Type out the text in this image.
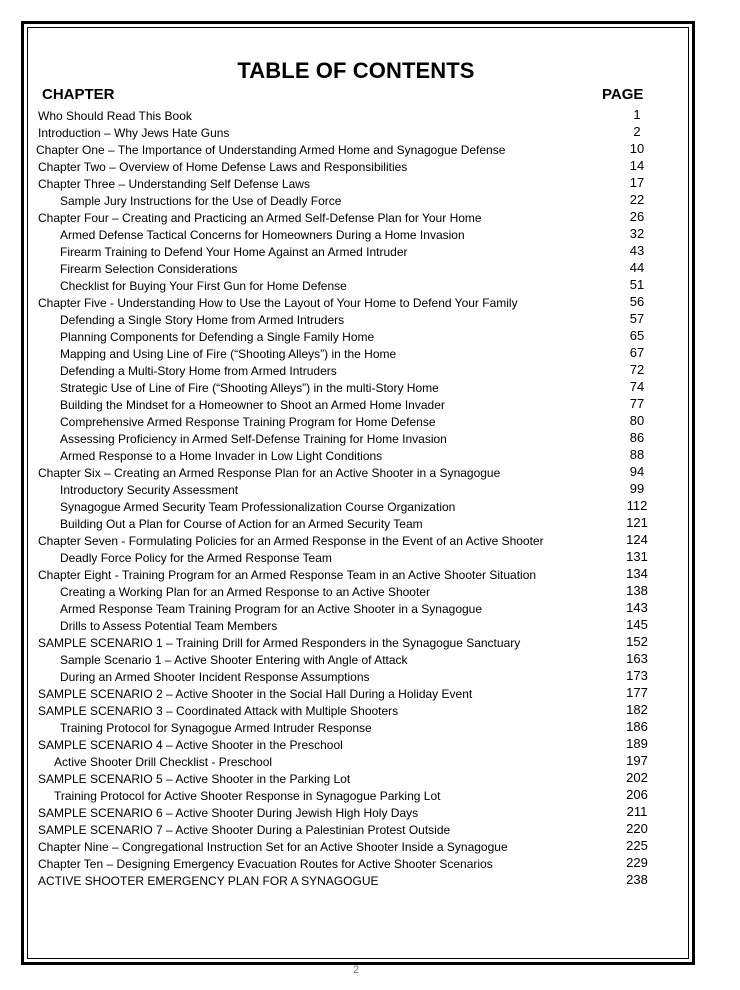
TABLE OF CONTENTS
CHAPTER	PAGE
Who Should Read This Book	1
Introduction – Why Jews Hate Guns	2
Chapter One – The Importance of Understanding Armed Home and Synagogue Defense	10
Chapter Two – Overview of Home Defense Laws and Responsibilities	14
Chapter Three – Understanding Self Defense Laws	17
Sample Jury Instructions for the Use of Deadly Force	22
Chapter Four – Creating and Practicing an Armed Self-Defense Plan for Your Home	26
Armed Defense Tactical Concerns for Homeowners During a Home Invasion	32
Firearm Training to Defend Your Home Against an Armed Intruder	43
Firearm Selection Considerations	44
Checklist for Buying Your First Gun for Home Defense	51
Chapter Five - Understanding How to Use the Layout of Your Home to Defend Your Family	56
Defending a Single Story Home from Armed Intruders	57
Planning Components for Defending a Single Family Home	65
Mapping and Using Line of Fire (“Shooting Alleys”) in the Home	67
Defending a Multi-Story Home from Armed Intruders	72
Strategic Use of Line of Fire (“Shooting Alleys”) in the multi-Story Home	74
Building the Mindset for a Homeowner to Shoot an Armed Home Invader	77
Comprehensive Armed Response Training Program for Home Defense	80
Assessing Proficiency in Armed Self-Defense Training for Home Invasion	86
Armed Response to a Home Invader in Low Light Conditions	88
Chapter Six – Creating an Armed Response Plan for an Active Shooter in a Synagogue	94
Introductory Security Assessment	99
Synagogue Armed Security Team Professionalization Course Organization	112
Building Out a Plan for Course of Action for an Armed Security Team	121
Chapter Seven - Formulating Policies for an Armed Response in the Event of an Active Shooter	124
Deadly Force Policy for the Armed Response Team	131
Chapter Eight - Training Program for an Armed Response Team in an Active Shooter Situation	134
Creating a Working Plan for an Armed Response to an Active Shooter	138
Armed Response Team Training Program for an Active Shooter in a Synagogue	143
Drills to Assess Potential Team Members	145
SAMPLE SCENARIO 1 – Training Drill for Armed Responders in the Synagogue Sanctuary	152
Sample Scenario 1 – Active Shooter Entering with Angle of Attack	163
During an Armed Shooter Incident Response Assumptions	173
SAMPLE SCENARIO 2 – Active Shooter in the Social Hall During a Holiday Event	177
SAMPLE SCENARIO 3 – Coordinated Attack with Multiple Shooters	182
Training Protocol for Synagogue Armed Intruder Response	186
SAMPLE SCENARIO 4 – Active Shooter in the Preschool	189
Active Shooter Drill Checklist - Preschool	197
SAMPLE SCENARIO 5 – Active Shooter in the Parking Lot	202
Training Protocol for Active Shooter Response in Synagogue Parking Lot	206
SAMPLE SCENARIO 6 – Active Shooter During Jewish High Holy Days	211
SAMPLE SCENARIO 7 – Active Shooter During a Palestinian Protest Outside	220
Chapter Nine – Congregational Instruction Set for an Active Shooter Inside a Synagogue	225
Chapter Ten – Designing Emergency Evacuation Routes for Active Shooter Scenarios	229
ACTIVE SHOOTER EMERGENCY PLAN FOR A SYNAGOGUE	238
2
